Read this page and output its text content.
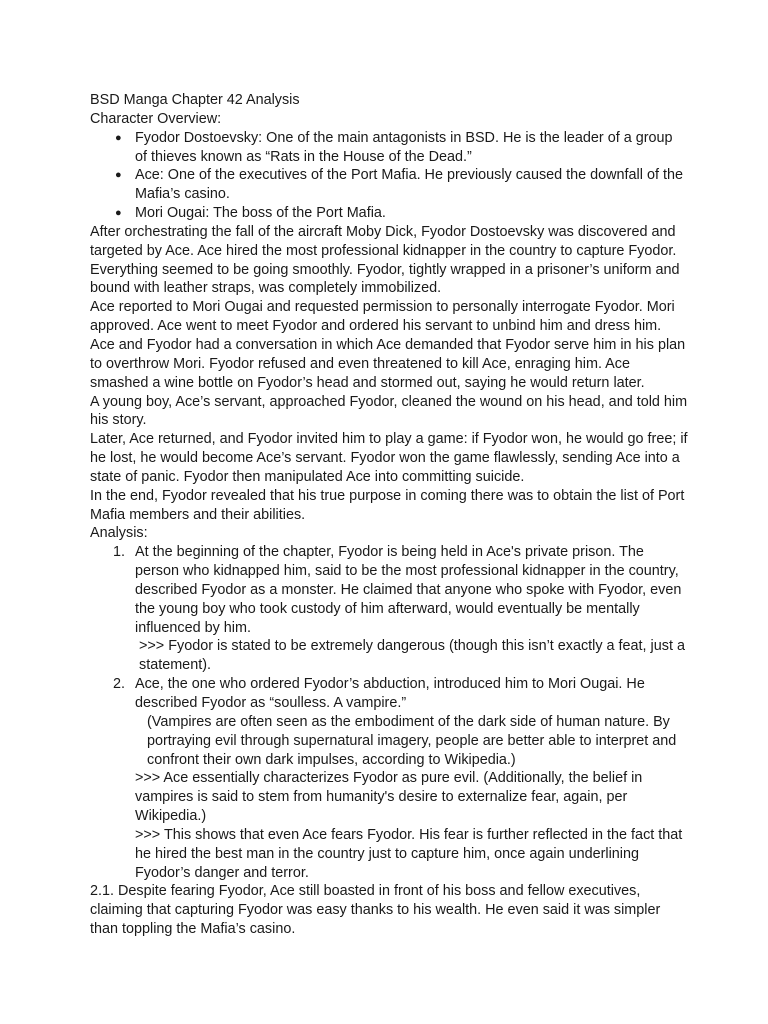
BSD Manga Chapter 42 Analysis

Character Overview:

● Fyodor Dostoevsky: One of the main antagonists in BSD. He is the leader of a group of thieves known as “Rats in the House of the Dead.”
● Ace: One of the executives of the Port Mafia. He previously caused the downfall of the Mafia’s casino.
● Mori Ougai: The boss of the Port Mafia.

After orchestrating the fall of the aircraft Moby Dick, Fyodor Dostoevsky was discovered and targeted by Ace. Ace hired the most professional kidnapper in the country to capture Fyodor. Everything seemed to be going smoothly. Fyodor, tightly wrapped in a prisoner’s uniform and bound with leather straps, was completely immobilized.

Ace reported to Mori Ougai and requested permission to personally interrogate Fyodor. Mori approved. Ace went to meet Fyodor and ordered his servant to unbind him and dress him.

Ace and Fyodor had a conversation in which Ace demanded that Fyodor serve him in his plan to overthrow Mori. Fyodor refused and even threatened to kill Ace, enraging him. Ace smashed a wine bottle on Fyodor’s head and stormed out, saying he would return later.

A young boy, Ace’s servant, approached Fyodor, cleaned the wound on his head, and told him his story.

Later, Ace returned, and Fyodor invited him to play a game: if Fyodor won, he would go free; if he lost, he would become Ace’s servant. Fyodor won the game flawlessly, sending Ace into a state of panic. Fyodor then manipulated Ace into committing suicide.

In the end, Fyodor revealed that his true purpose in coming there was to obtain the list of Port Mafia members and their abilities.

Analysis:

1. At the beginning of the chapter, Fyodor is being held in Ace's private prison. The person who kidnapped him, said to be the most professional kidnapper in the country, described Fyodor as a monster. He claimed that anyone who spoke with Fyodor, even the young boy who took custody of him afterward, would eventually be mentally influenced by him.

>>> Fyodor is stated to be extremely dangerous (though this isn’t exactly a feat, just a statement).

2. Ace, the one who ordered Fyodor’s abduction, introduced him to Mori Ougai. He described Fyodor as “soulless. A vampire.”

(Vampires are often seen as the embodiment of the dark side of human nature. By portraying evil through supernatural imagery, people are better able to interpret and confront their own dark impulses, according to Wikipedia.)

>>> Ace essentially characterizes Fyodor as pure evil. (Additionally, the belief in vampires is said to stem from humanity's desire to externalize fear, again, per Wikipedia.)

>>> This shows that even Ace fears Fyodor. His fear is further reflected in the fact that he hired the best man in the country just to capture him, once again underlining Fyodor’s danger and terror.

2.1. Despite fearing Fyodor, Ace still boasted in front of his boss and fellow executives, claiming that capturing Fyodor was easy thanks to his wealth. He even said it was simpler than toppling the Mafia’s casino.
